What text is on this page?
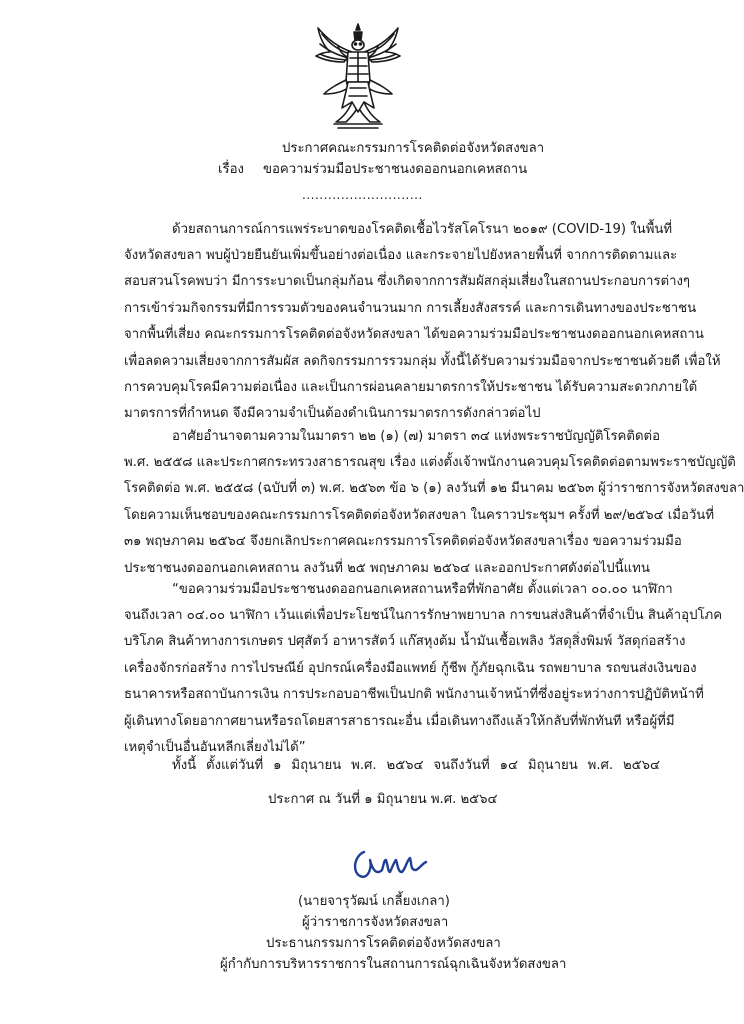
ประกาศคณะกรรมการโรคติดต่อจังหวัดสงขลา
เรื่อง ขอความร่วมมือประชาชนงดออกนอกเคหสถาน
............................
ด้วยสถานการณ์การแพร่ระบาดของโรคติดเชื้อไวรัสโคโรนา ๒๐๑๙ (COVID-19) ในพื้นที่
จังหวัดสงขลา พบผู้ป่วยยืนยันเพิ่มขึ้นอย่างต่อเนื่อง และกระจายไปยังหลายพื้นที่ จากการติดตามและ
สอบสวนโรคพบว่า มีการระบาดเป็นกลุ่มก้อน ซึ่งเกิดจากการสัมผัสกลุ่มเสี่ยงในสถานประกอบการต่างๆ
การเข้าร่วมกิจกรรมที่มีการรวมตัวของคนจำนวนมาก การเลี้ยงสังสรรค์ และการเดินทางของประชาชน
จากพื้นที่เสี่ยง คณะกรรมการโรคติดต่อจังหวัดสงขลา ได้ขอความร่วมมือประชาชนงดออกนอกเคหสถาน
เพื่อลดความเสี่ยงจากการสัมผัส ลดกิจกรรมการรวมกลุ่ม ทั้งนี้ได้รับความร่วมมือจากประชาชนด้วยดี เพื่อให้
การควบคุมโรคมีความต่อเนื่อง และเป็นการผ่อนคลายมาตรการให้ประชาชน ได้รับความสะดวกภายใต้
มาตรการที่กำหนด จึงมีความจำเป็นต้องดำเนินการมาตรการดังกล่าวต่อไป
อาศัยอำนาจตามความในมาตรา ๒๒ (๑) (๗) มาตรา ๓๔ แห่งพระราชบัญญัติโรคติดต่อ
พ.ศ. ๒๕๕๘ และประกาศกระทรวงสาธารณสุข เรื่อง แต่งตั้งเจ้าพนักงานควบคุมโรคติดต่อตามพระราชบัญญัติ
โรคติดต่อ พ.ศ. ๒๕๕๘ (ฉบับที่ ๓) พ.ศ. ๒๕๖๓ ข้อ ๖ (๑) ลงวันที่ ๑๒ มีนาคม ๒๕๖๓ ผู้ว่าราชการจังหวัดสงขลา
โดยความเห็นชอบของคณะกรรมการโรคติดต่อจังหวัดสงขลา ในคราวประชุมฯ ครั้งที่ ๒๙/๒๕๖๔ เมื่อวันที่
๓๑ พฤษภาคม ๒๕๖๔ จึงยกเลิกประกาศคณะกรรมการโรคติดต่อจังหวัดสงขลาเรื่อง ขอความร่วมมือ
ประชาชนงดออกนอกเคหสถาน ลงวันที่ ๒๕ พฤษภาคม ๒๕๖๔ และออกประกาศดังต่อไปนี้แทน
“ขอความร่วมมือประชาชนงดออกนอกเคหสถานหรือที่พักอาศัย ตั้งแต่เวลา ๐๐.๐๐ นาฬิกา
จนถึงเวลา ๐๔.๐๐ นาฬิกา เว้นแต่เพื่อประโยชน์ในการรักษาพยาบาล การขนส่งสินค้าที่จำเป็น สินค้าอุปโภค
บริโภค สินค้าทางการเกษตร ปศุสัตว์ อาหารสัตว์ แก๊สหุงต้ม น้ำมันเชื้อเพลิง วัสดุสิ่งพิมพ์ วัสดุก่อสร้าง
เครื่องจักรก่อสร้าง การไปรษณีย์ อุปกรณ์เครื่องมือแพทย์ กู้ชีพ กู้ภัยฉุกเฉิน รถพยาบาล รถขนส่งเงินของ
ธนาคารหรือสถาบันการเงิน การประกอบอาชีพเป็นปกติ พนักงานเจ้าหน้าที่ซึ่งอยู่ระหว่างการปฏิบัติหน้าที่
ผู้เดินทางโดยอากาศยานหรือรถโดยสารสาธารณะอื่น เมื่อเดินทางถึงแล้วให้กลับที่พักทันที หรือผู้ที่มี
เหตุจำเป็นอื่นอันหลีกเลี่ยงไม่ได้”
ทั้งนี้ ตั้งแต่วันที่ ๑ มิถุนายน พ.ศ. ๒๕๖๔ จนถึงวันที่ ๑๔ มิถุนายน พ.ศ. ๒๕๖๔
ประกาศ ณ วันที่ ๑ มิถุนายน พ.ศ. ๒๕๖๔
(นายจารุวัฒน์ เกลี้ยงเกลา)
ผู้ว่าราชการจังหวัดสงขลา
ประธานกรรมการโรคติดต่อจังหวัดสงขลา
ผู้กำกับการบริหารราชการในสถานการณ์ฉุกเฉินจังหวัดสงขลา
